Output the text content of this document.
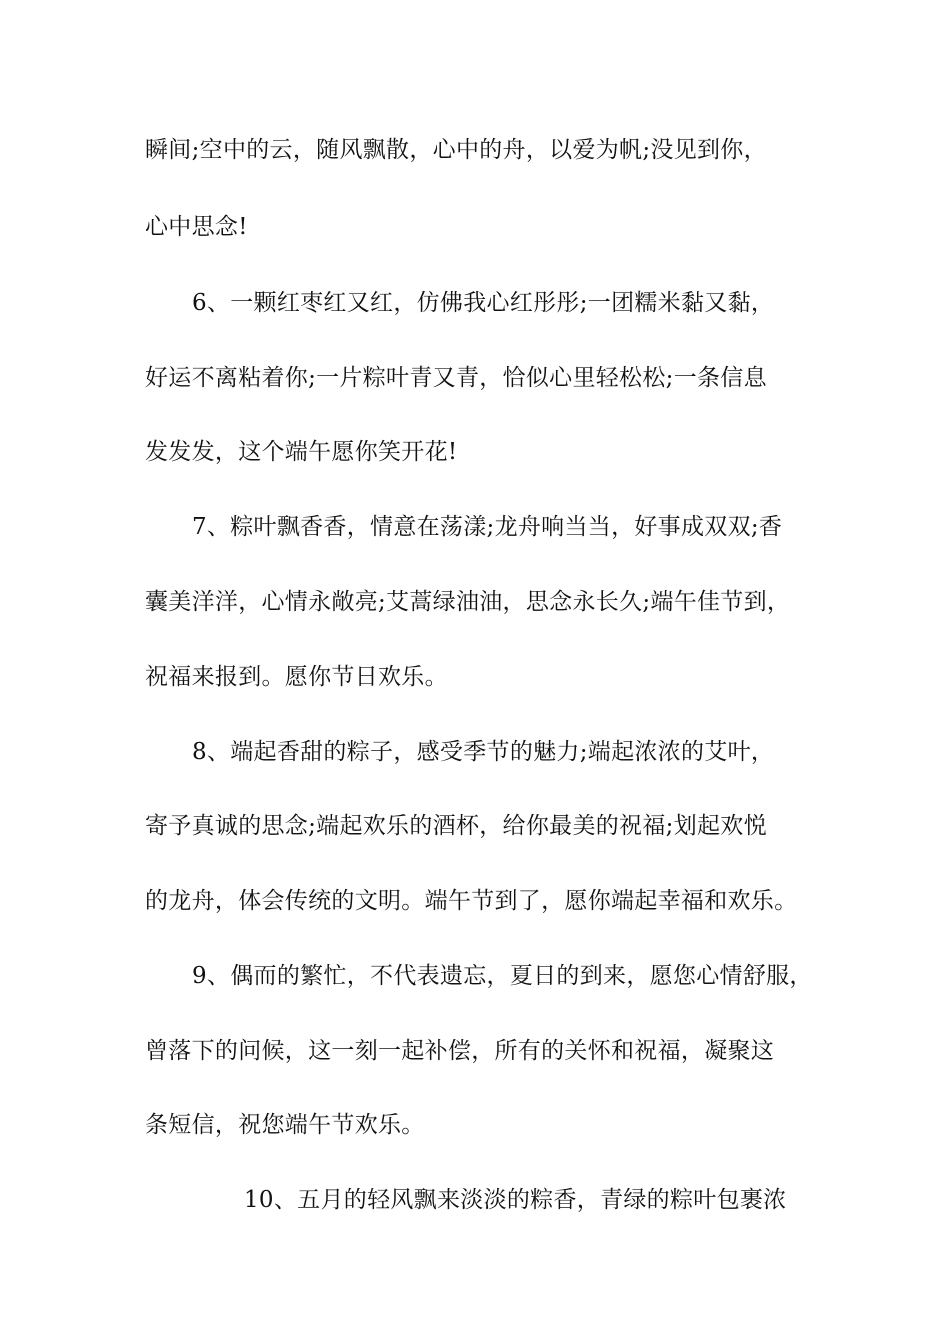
瞬间;空中的云，随风飘散，心中的舟，以爱为帆;没见到你，
心中思念!
6、一颗红枣红又红，仿佛我心红彤彤;一团糯米黏又黏，
好运不离粘着你;一片粽叶青又青，恰似心里轻松松;一条信息
发发发，这个端午愿你笑开花!
7、粽叶飘香香，情意在荡漾;龙舟响当当，好事成双双;香
囊美洋洋，心情永敞亮;艾蒿绿油油，思念永长久;端午佳节到，
祝福来报到。愿你节日欢乐。
8、端起香甜的粽子，感受季节的魅力;端起浓浓的艾叶，
寄予真诚的思念;端起欢乐的酒杯，给你最美的祝福;划起欢悦
的龙舟，体会传统的文明。端午节到了，愿你端起幸福和欢乐。
9、偶而的繁忙，不代表遗忘，夏日的到来，愿您心情舒服，
曾落下的问候，这一刻一起补偿，所有的关怀和祝福，凝聚这
条短信，祝您端午节欢乐。
10、五月的轻风飘来淡淡的粽香，青绿的粽叶包裹浓
